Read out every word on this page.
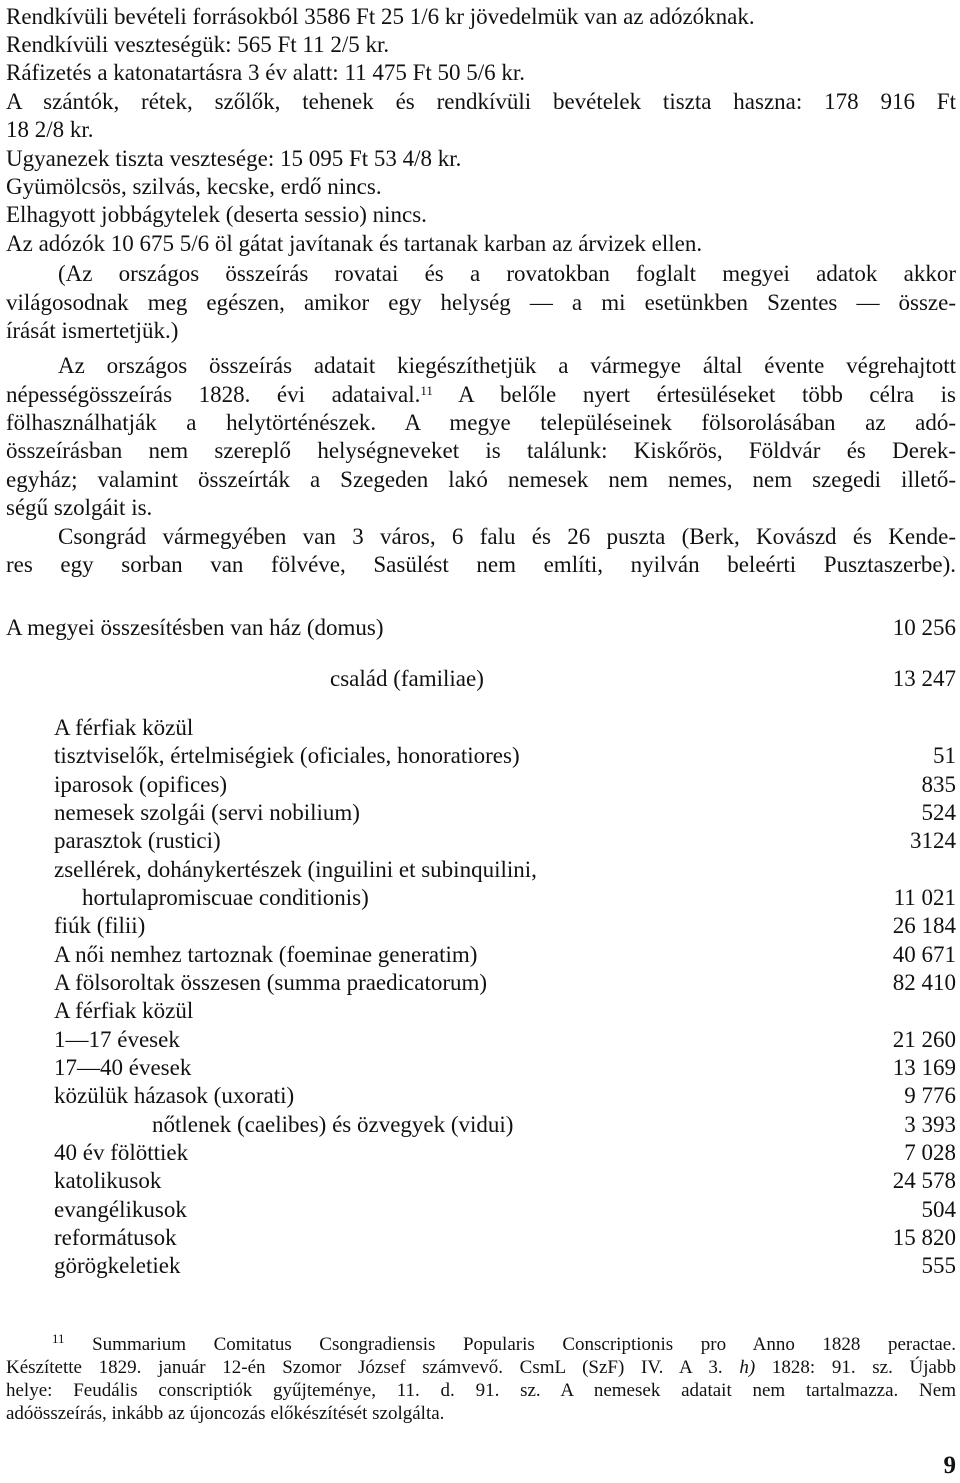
Rendkívüli bevételi forrásokból 3586 Ft 25 1/6 kr jövedelmük van az adózóknak.
Rendkívüli veszteségük: 565 Ft 11 2/5 kr.
Ráfizetés a katonatartásra 3 év alatt: 11 475 Ft 50 5/6 kr.
A szántók, rétek, szőlők, tehenek és rendkívüli bevételek tiszta haszna: 178 916 Ft
18 2/8 kr.
Ugyanezek tiszta vesztesége: 15 095 Ft 53 4/8 kr.
Gyümölcsös, szilvás, kecske, erdő nincs.
Elhagyott jobbágytelek (deserta sessio) nincs.
Az adózók 10 675 5/6 öl gátat javítanak és tartanak karban az árvizek ellen.
(Az országos összeírás rovatai és a rovatokban foglalt megyei adatok akkor
világosodnak meg egészen, amikor egy helység — a mi esetünkben Szentes — össze-
írását ismertetjük.)
Az országos összeírás adatait kiegészíthetjük a vármegye által évente végrehajtott
népességösszeírás 1828. évi adataival.$^{11}$ A belőle nyert értesüléseket több célra is
fölhasználhatják a helytörténészek. A megye településeinek fölsorolásában az adó-
összeírásban nem szereplő helységneveket is találunk: Kiskőrös, Földvár és Derek-
egyház; valamint összeírták a Szegeden lakó nemesek nem nemes, nem szegedi illető-
ségű szolgáit is.
Csongrád vármegyében van 3 város, 6 falu és 26 puszta (Berk, Kovászd és Kende-
res egy sorban van fölvéve, Sasülést nem említi, nyilván beleérti Pusztaszerbe).
A megyei összesítésben van ház (domus)	10 256
család (familiae)	13 247
A férfiak közül
tisztviselők, értelmiségiek (oficiales, honoratiores)	51
iparosok (opifices)	835
nemesek szolgái (servi nobilium)	524
parasztok (rustici)	3124
zsellérek, dohánykertészek (inguilini et subinquilini,
hortulapromiscuae conditionis)	11 021
fiúk (filii)	26 184
A női nemhez tartoznak (foeminae generatim)	40 671
A fölsoroltak összesen (summa praedicatorum)	82 410
A férfiak közül
1—17 évesek	21 260
17—40 évesek	13 169
közülük házasok (uxorati)	9 776
nőtlenek (caelibes) és özvegyek (vidui)	3 393
40 év fölöttiek	7 028
katolikusok	24 578
evangélikusok	504
reformátusok	15 820
görögkeletiek	555
$^{11}$ Summarium Comitatus Csongradiensis Popularis Conscriptionis pro Anno 1828 peractae.
Készítette 1829. január 12-én Szomor József számvevő. CsmL (SzF) IV. A 3. h) 1828: 91. sz. Újabb
helye: Feudális conscriptiók gyűjteménye, 11. d. 91. sz. A nemesek adatait nem tartalmazza. Nem
adóösszeírás, inkább az újoncozás előkészítését szolgálta.
9
